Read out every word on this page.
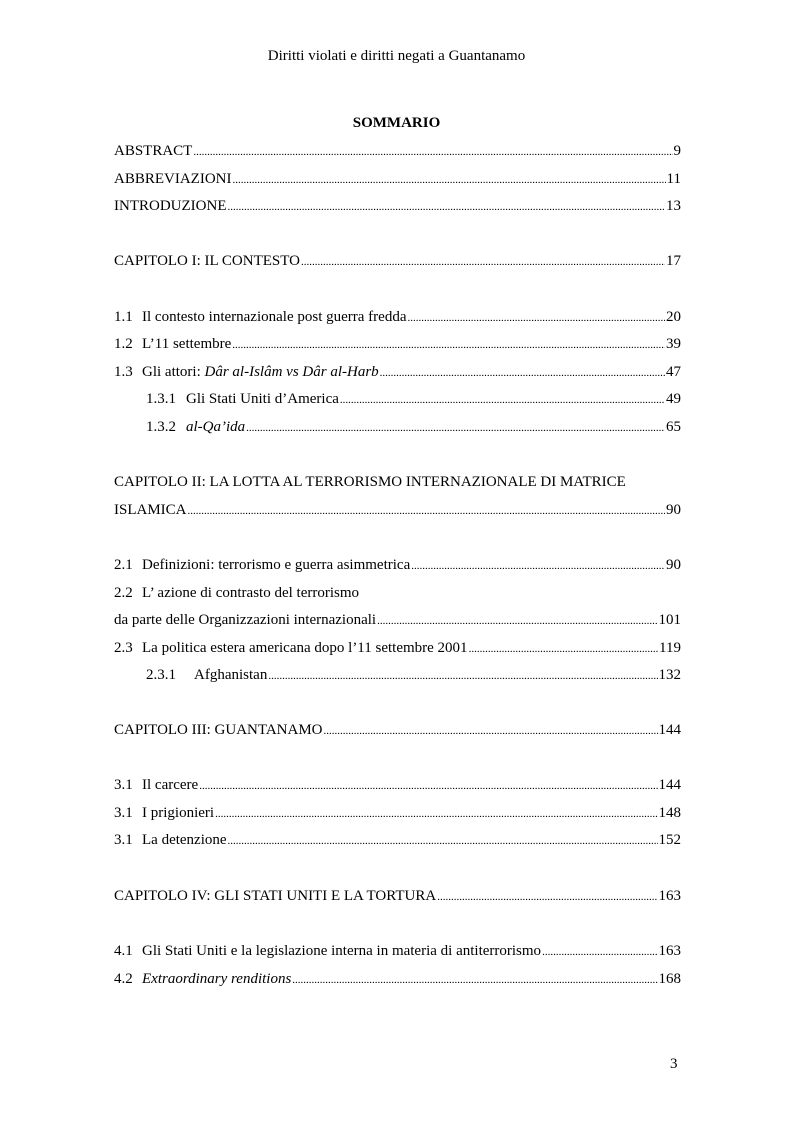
Diritti violati e diritti negati a Guantanamo
SOMMARIO
ABSTRACT .....	9
ABBREVIAZIONI .....	11
INTRODUZIONE .....	13
CAPITOLO I: IL CONTESTO .....	17
1.1 Il contesto internazionale post guerra fredda .....	20
1.2 L’11 settembre .....	39
1.3 Gli attori: Dâr al-Islâm vs Dâr al-Harb .....	47
1.3.1 Gli Stati Uniti d’America .....	49
1.3.2 al-Qa’ida .....	65
CAPITOLO II: LA LOTTA AL TERRORISMO INTERNAZIONALE DI MATRICE
ISLAMICA .....	90
2.1 Definizioni: terrorismo e guerra asimmetrica .....	90
2.2 L’ azione di contrasto del terrorismo
da parte delle Organizzazioni internazionali .....	101
2.3 La politica estera americana dopo l’11 settembre 2001 .....	119
2.3.1 Afghanistan .....	132
CAPITOLO III: GUANTANAMO .....	144
3.1 Il carcere .....	144
3.1 I prigionieri .....	148
3.1 La detenzione .....	152
CAPITOLO IV: GLI STATI UNITI E LA TORTURA .....	163
4.1 Gli Stati Uniti e la legislazione interna in materia di antiterrorismo .....	163
4.2 Extraordinary renditions .....	168
3
